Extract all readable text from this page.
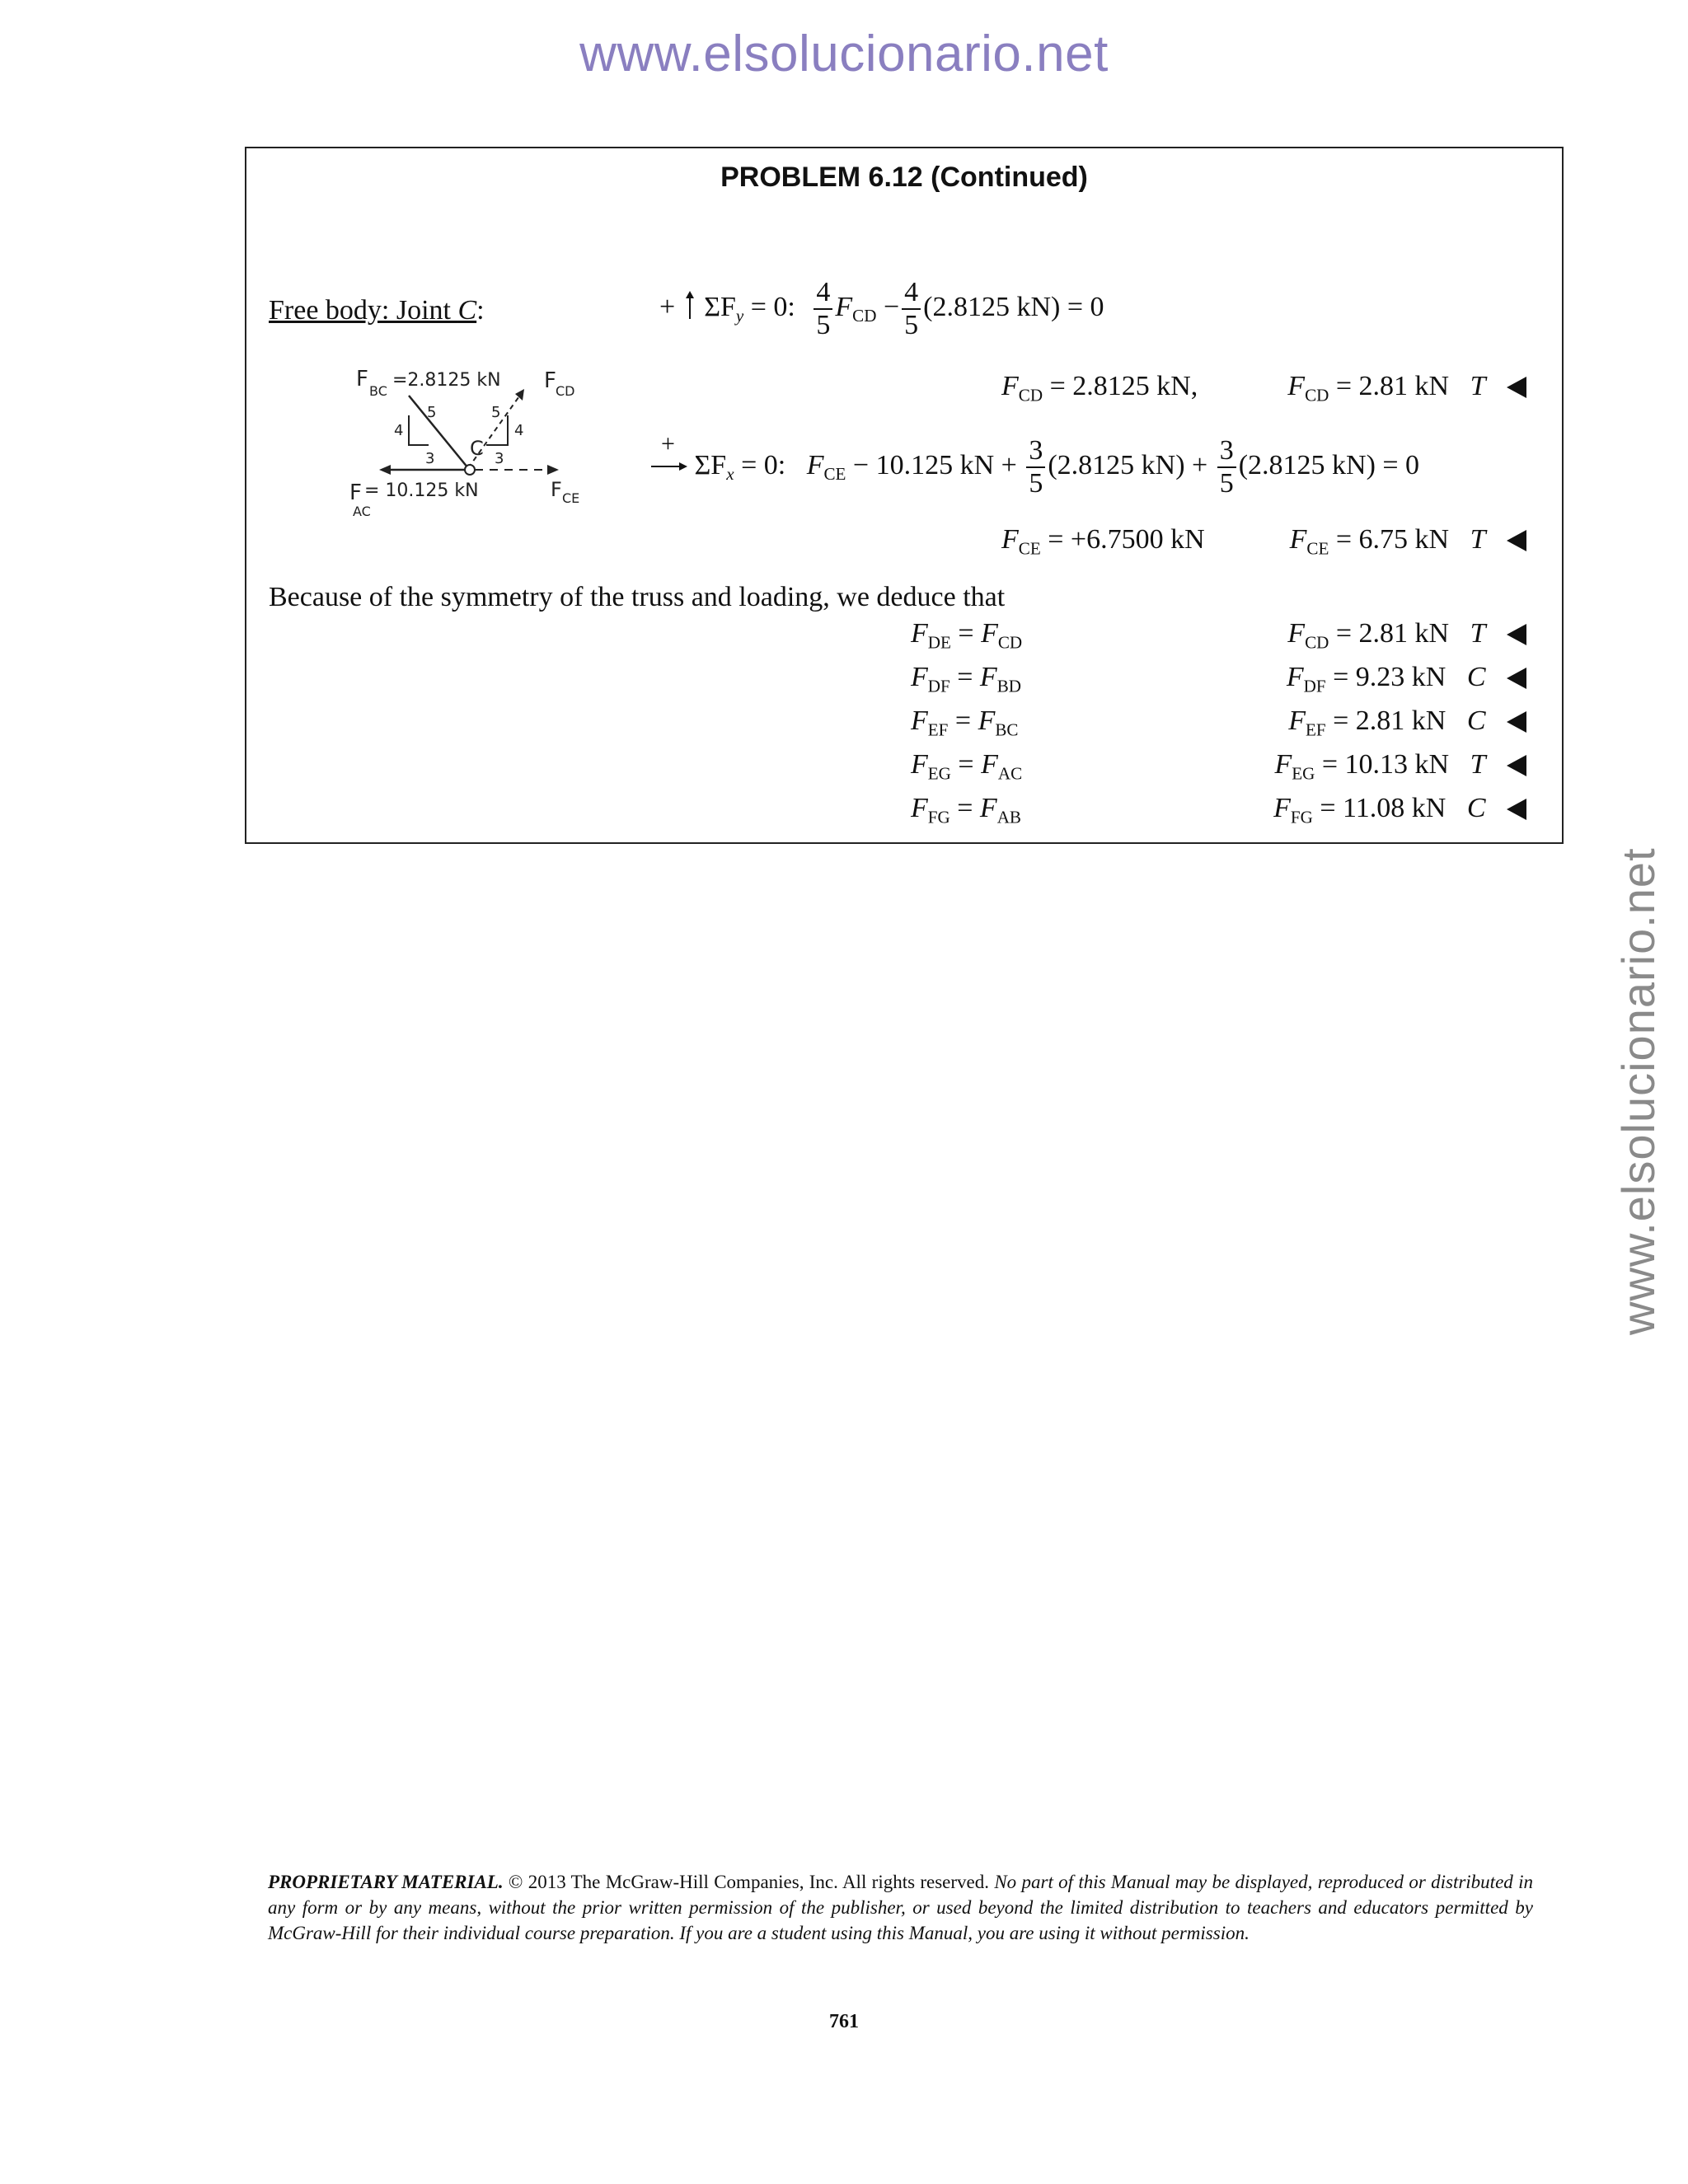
www.elsolucionario.net
www.elsolucionario.net
PROBLEM 6.12 (Continued)
Free body: Joint C:
F BC
=2.8125 kN F CD
4
5
3
5
4
3
C
F
AC
= 10.125 kN	F CE
+ $\Sigma F_y = 0$: $\frac{4}{5} F_{CD} - \frac{4}{5} (2.8125$ kN) = 0
$F_{CD} = 2.8125$ kN,	$F_{CD} = 2.81$ kN T
+
$\Sigma F_x = 0$: $F_{CE} - 10.125$ kN + $\frac{3}{5} (2.8125$ $kN) + \frac{3}{5} (2.8125$ kN) = 0
$F_{CE} = +6.7500$ kN	$F_{CE} = 6.75$ kN T
Because of the symmetry of the truss and loading, we deduce that
$F_{DE} = F_{CD}$	$F_{CD} = 2.81$ kN T
$F_{DF} = F_{BD}$	$F_{DF} = 9.23$ kN C
$F_{EF} = F_{BC}$	$F_{EF} = 2.81$ kN C
$F_{EG} = F_{AC}$	$F_{EG} = 10.13$ kN T
$F_{FG} = F_{AB}$	$F_{FG} = 11.08$ kN C
PROPRIETARY MATERIAL. © 2013 The McGraw-Hill Companies, Inc. All rights reserved. No part of this Manual may be displayed, reproduced or distributed in any form or by any means, without the prior written permission of the publisher, or used beyond the limited distribution to teachers and educators permitted by McGraw-Hill for their individual course preparation. If you are a student using this Manual, you are using it without permission.
761
